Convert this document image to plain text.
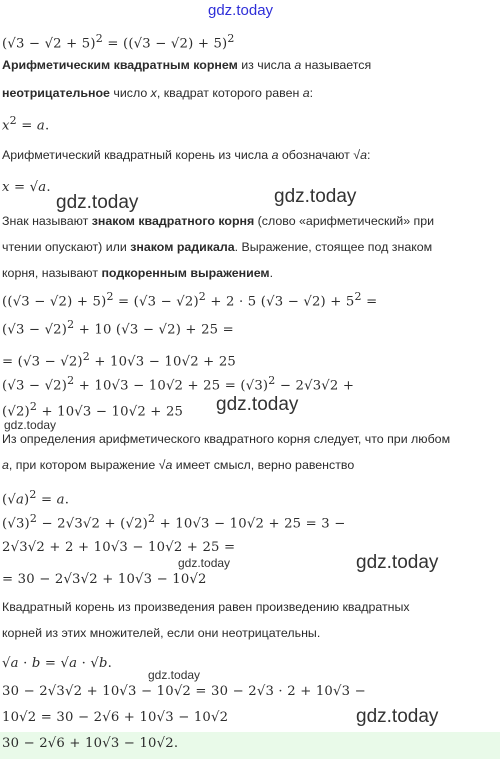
gdz.today
$(√3 - √2 + 5)^2 = ((√3 - √2) + 5)^2$
Арифметическим квадратным корнем из числа a называется
неотрицательное число x, квадрат которого равен a:
$x^2 = a$.
Арифметический квадратный корень из числа a обозначают √a:
x = √a.
gdz.today	gdz.today
Знак называют знаком квадратного корня (слово «арифметический» при
чтении опускают) или знаком радикала. Выражение, стоящее под знаком
корня, называют подкоренным выражением.
$((√3 - √2) + 5)^2 = (√3 - √2)^2 + 2 \cdot 5$ $(√3 - √2) + 5^2$ =
$(√3 - √2)^2 + 10$ (√3 − √2) + 25 =
= $(√3 - √2)^2 + 10√3 - 10√2 + 25$
$(√3 - √2)^2 + 10√3 - 10√2 + 25 = (√3)^2 - 2√3√2$ +
$(√2)^2 + 10√3 - 10√2 + 25$ gdz.today
gdz.today
Из определения арифметического квадратного корня следует, что при любом
a, при котором выражение √a имеет смысл, верно равенство
$(√a)^2 = a$.
$(√3)^2 - 2√3√2 + (√2)^2 + 10√3 - 10√2 + 25 = 3$ −
2√3√2 + 2 + 10√3 − 10√2 + 25 =
gdz.today	gdz.today
= 30 − 2√3√2 + 10√3 − 10√2
Квадратный корень из произведения равен произведению квадратных
корней из этих множителей, если они неотрицательны.
√a · b = √a · √b.
gdz.today
30 − 2√3√2 + 10√3 − 10√2 = 30 − 2√3 · 2 + 10√3 −
10√2 = 30 − 2√6 + 10√3 − 10√2	gdz.today
30 − 2√6 + 10√3 − 10√2.
